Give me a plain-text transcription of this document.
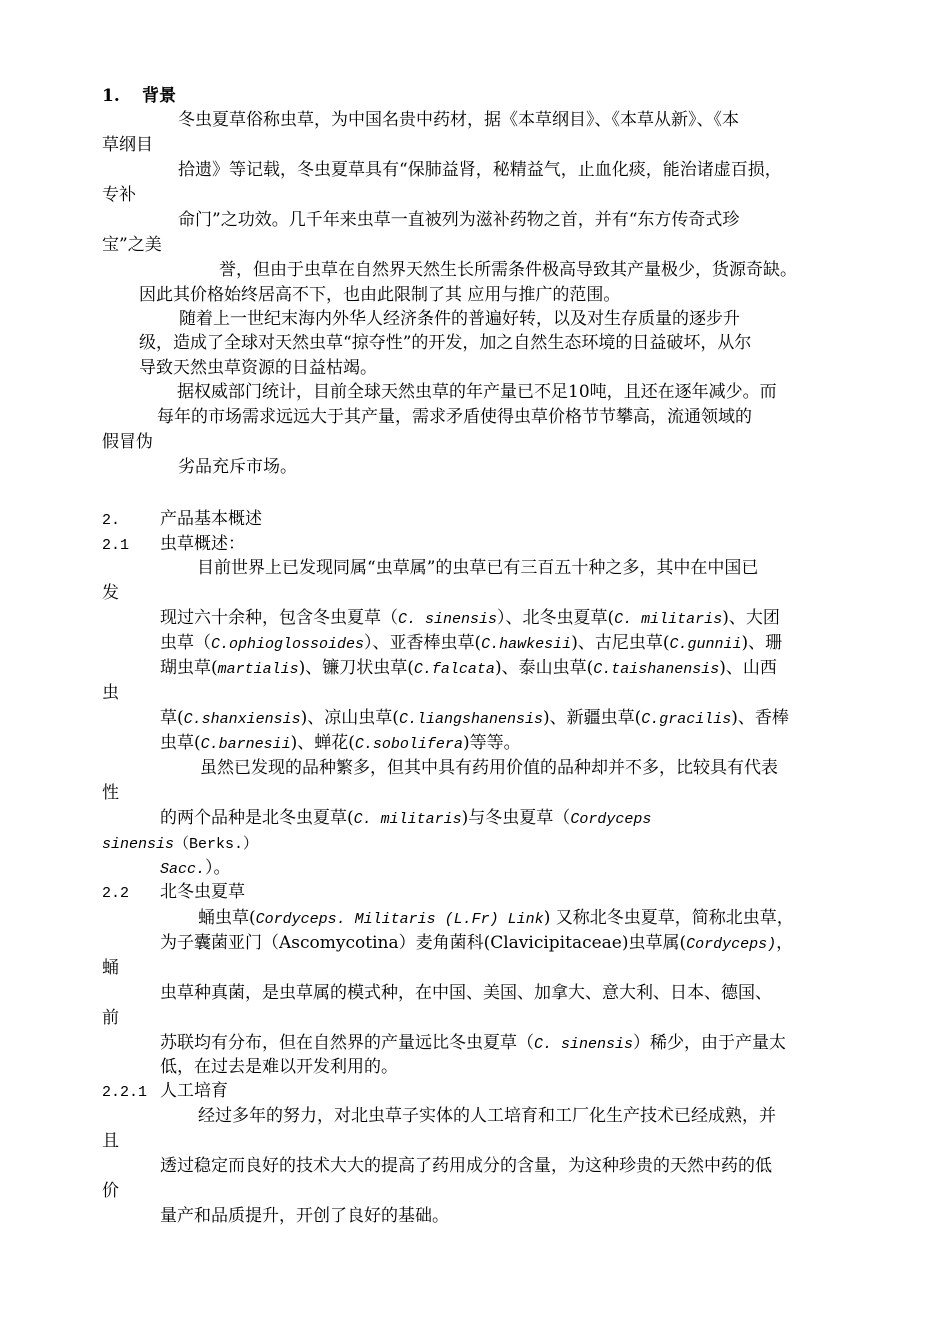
1. 背景
冬虫夏草俗称虫草，为中国名贵中药材，据《本草纲目》、《本草从新》、《本
草纲目
拾遗》等记载，冬虫夏草具有“保肺益肾，秘精益气，止血化痰，能治诸虚百损，
专补
命门”之功效。几千年来虫草一直被列为滋补药物之首，并有“东方传奇式珍
宝”之美
誉，但由于虫草在自然界天然生长所需条件极高导致其产量极少，货源奇缺。
因此其价格始终居高不下，也由此限制了其 应用与推广的范围。
随着上一世纪末海内外华人经济条件的普遍好转，以及对生存质量的逐步升
级，造成了全球对天然虫草“掠夺性”的开发，加之自然生态环境的日益破坏，从尔
导致天然虫草资源的日益枯竭。
据权威部门统计，目前全球天然虫草的年产量已不足10吨，且还在逐年减少。而
每年的市场需求远远大于其产量，需求矛盾使得虫草价格节节攀高，流通领域的
假冒伪
劣品充斥市场。
2. 产品基本概述
2.1 虫草概述：
目前世界上已发现同属“虫草属”的虫草已有三百五十种之多，其中在中国已
发
现过六十余种，包含冬虫夏草（C. sinensis）、北冬虫夏草(C. militaris)、大团
虫草（C.ophioglossoides）、亚香棒虫草(C.hawkesii)、古尼虫草(C.gunnii)、珊
瑚虫草(martialis)、镰刀状虫草(C.falcata)、泰山虫草(C.taishanensis)、山西
虫
草(C.shanxiensis)、凉山虫草(C.liangshanensis)、新疆虫草(C.gracilis)、香棒
虫草(C.barnesii)、蝉花(C.sobolifera)等等。
虽然已发现的品种繁多，但其中具有药用价值的品种却并不多，比较具有代表
性
的两个品种是北冬虫夏草(C. militaris)与冬虫夏草（Cordyceps
sinensis（Berks.）
Sacc.）。
2.2 北冬虫夏草
蛹虫草(Cordyceps. Militaris (L.Fr) Link) 又称北冬虫夏草，简称北虫草，
为子囊菌亚门（Ascomycotina）麦角菌科(Clavicipitaceae)虫草属(Cordyceps)，
蛹
虫草种真菌，是虫草属的模式种，在中国、美国、加拿大、意大利、日本、德国、
前
苏联均有分布，但在自然界的产量远比冬虫夏草（C. sinensis）稀少，由于产量太
低，在过去是难以开发利用的。
2.2.1 人工培育
经过多年的努力，对北虫草子实体的人工培育和工厂化生产技术已经成熟，并
且
透过稳定而良好的技术大大的提高了药用成分的含量，为这种珍贵的天然中药的低
价
量产和品质提升，开创了良好的基础。
